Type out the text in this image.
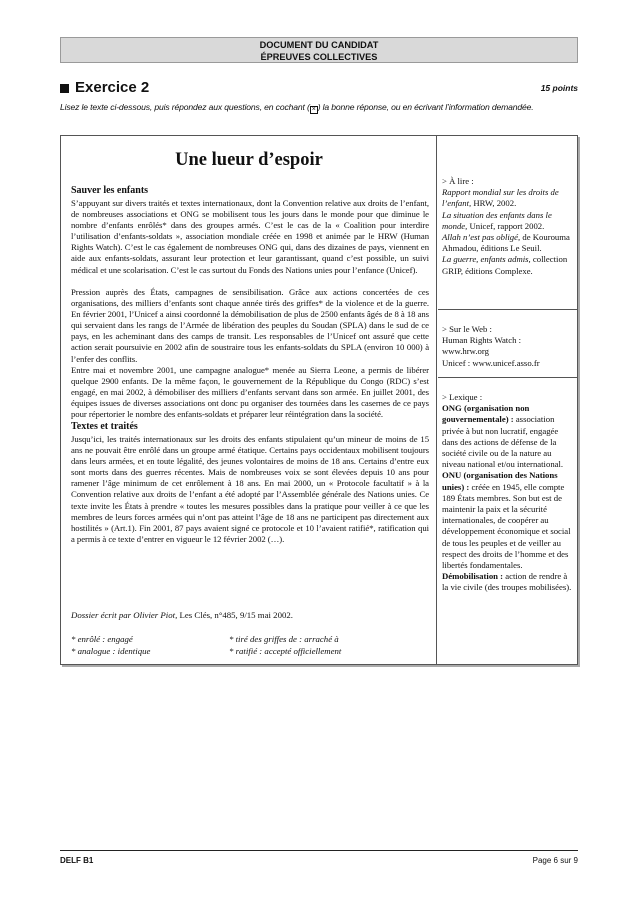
DOCUMENT DU CANDIDAT
ÉPREUVES COLLECTIVES
Exercice 2	15 points
Lisez le texte ci-dessous, puis répondez aux questions, en cochant ( × ) la bonne réponse, ou en écrivant l’information demandée.
Une lueur d’espoir
Sauver les enfants
S’appuyant sur divers traités et textes internationaux, dont la Convention relative aux droits de l’enfant, de nombreuses associations et ONG se mobilisent tous les jours dans le monde pour que diminue le nombre d’enfants enrôlés* dans des groupes armés. C’est le cas de la « Coalition pour interdire l’utilisation d’enfants-soldats », association mondiale créée en 1998 et animée par le HRW (Human Rights Watch). C’est le cas également de nombreuses ONG qui, dans des dizaines de pays, viennent en aide aux enfants-soldats, assurant leur protection et leur garantissant, quand c’est possible, un suivi médical et une scolarisation. C’est le cas surtout du Fonds des Nations unies pour l’enfance (Unicef).
Pression auprès des États, campagnes de sensibilisation. Grâce aux actions concertées de ces organisations, des milliers d’enfants sont chaque année tirés des griffes* de la violence et de la guerre. En février 2001, l’Unicef a ainsi coordonné la démobilisation de plus de 2500 enfants âgés de 8 à 18 ans qui servaient dans les rangs de l’Armée de libération des peuples du Soudan (SPLA) dans le sud de ce pays, en les acheminant dans des camps de transit. Les responsables de l’Unicef ont assuré que cette action serait poursuivie en 2002 afin de soustraire tous les enfants-soldats du SPLA (environ 10 000) à l’enfer des conflits.
Entre mai et novembre 2001, une campagne analogue* menée au Sierra Leone, a permis de libérer quelque 2900 enfants. De la même façon, le gouvernement de la République du Congo (RDC) s’est engagé, en mai 2002, à démobiliser des milliers d’enfants servant dans son armée. En juillet 2001, des équipes issues de diverses associations ont donc pu organiser des tournées dans les casernes de ce pays pour répertorier le nombre des enfants-soldats et préparer leur réintégration dans la société.
Textes et traités
Jusqu’ici, les traités internationaux sur les droits des enfants stipulaient qu’un mineur de moins de 15 ans ne pouvait être enrôlé dans un groupe armé étatique. Certains pays occidentaux mobilisent toujours dans leurs armées, et en toute légalité, des jeunes volontaires de moins de 18 ans. Certains d’entre eux sont morts dans des guerres récentes. Mais de nombreuses voix se sont élevées depuis 10 ans pour ramener l’âge minimum de cet enrôlement à 18 ans. En mai 2000, un « Protocole facultatif » à la Convention relative aux droits de l’enfant a été adopté par l’Assemblée générale des Nations unies. Ce texte invite les États à prendre « toutes les mesures possibles dans la pratique pour veiller à ce que les membres de leurs forces armées qui n’ont pas atteint l’âge de 18 ans ne participent pas directement aux hostilités » (Art.1). Fin 2001, 87 pays avaient signé ce protocole et 10 l’avaient ratifié*, ratification qui a permis à ce texte d’entrer en vigueur le 12 février 2002 (…).
Dossier écrit par Olivier Piot, Les Clés, n°485, 9/15 mai 2002.
* enrôlé : engagé
* analogue : identique
* tiré des griffes de : arraché à
* ratifié : accepté officiellement
> À lire :
Rapport mondial sur les droits de l’enfant, HRW, 2002.
La situation des enfants dans le monde, Unicef, rapport 2002.
Allah n’est pas obligé, de Kourouma Ahmadou, éditions Le Seuil.
La guerre, enfants admis, collection GRIP, éditions Complexe.
> Sur le Web :
Human Rights Watch :
www.hrw.org
Unicef : www.unicef.asso.fr
> Lexique :
ONG (organisation non gouvernementale) : association privée à but non lucratif, engagée dans des actions de défense de la société civile ou de la nature au niveau national et/ou international.
ONU (organisation des Nations unies) : créée en 1945, elle compte 189 États membres. Son but est de maintenir la paix et la sécurité internationales, de coopérer au développement économique et social de tous les peuples et de veiller au respect des droits de l’homme et des libertés fondamentales.
Démobilisation : action de rendre à la vie civile (des troupes mobilisées).
DELF B1	Page 6 sur 9
